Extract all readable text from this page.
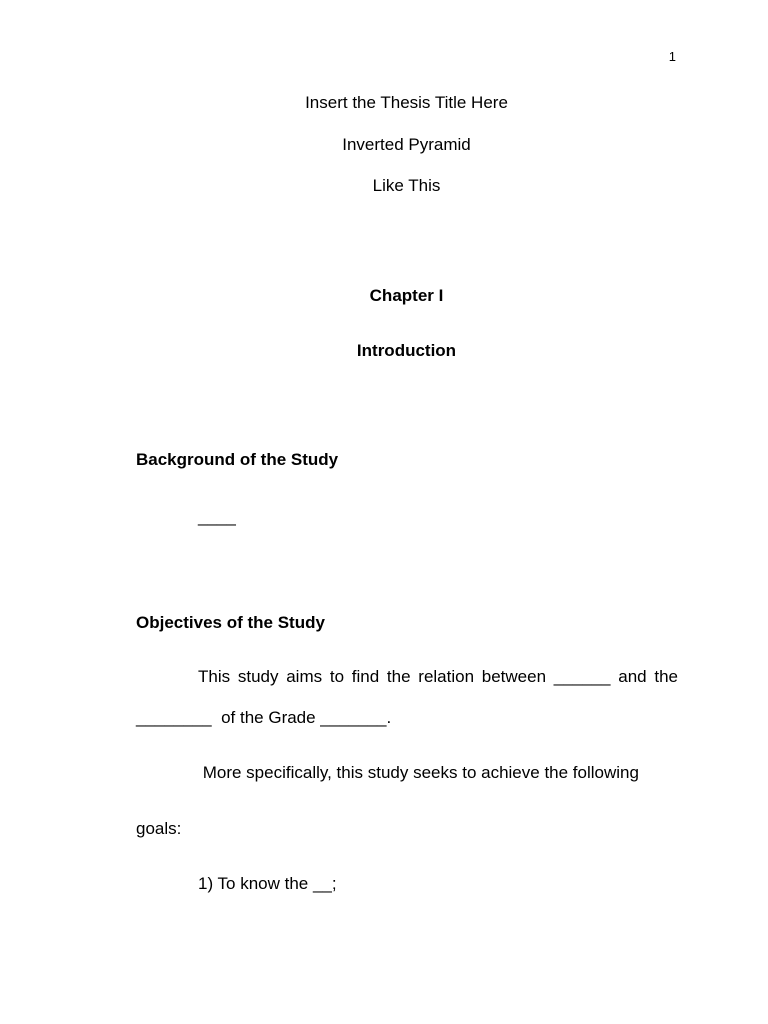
1
Insert the Thesis Title Here
Inverted Pyramid
Like This
Chapter I
Introduction
Background of the Study
____
Objectives of the Study
This study aims to find the relation between ______ and the
________  of the Grade _______.
More specifically, this study seeks to achieve the following
goals:
1) To know the __;
